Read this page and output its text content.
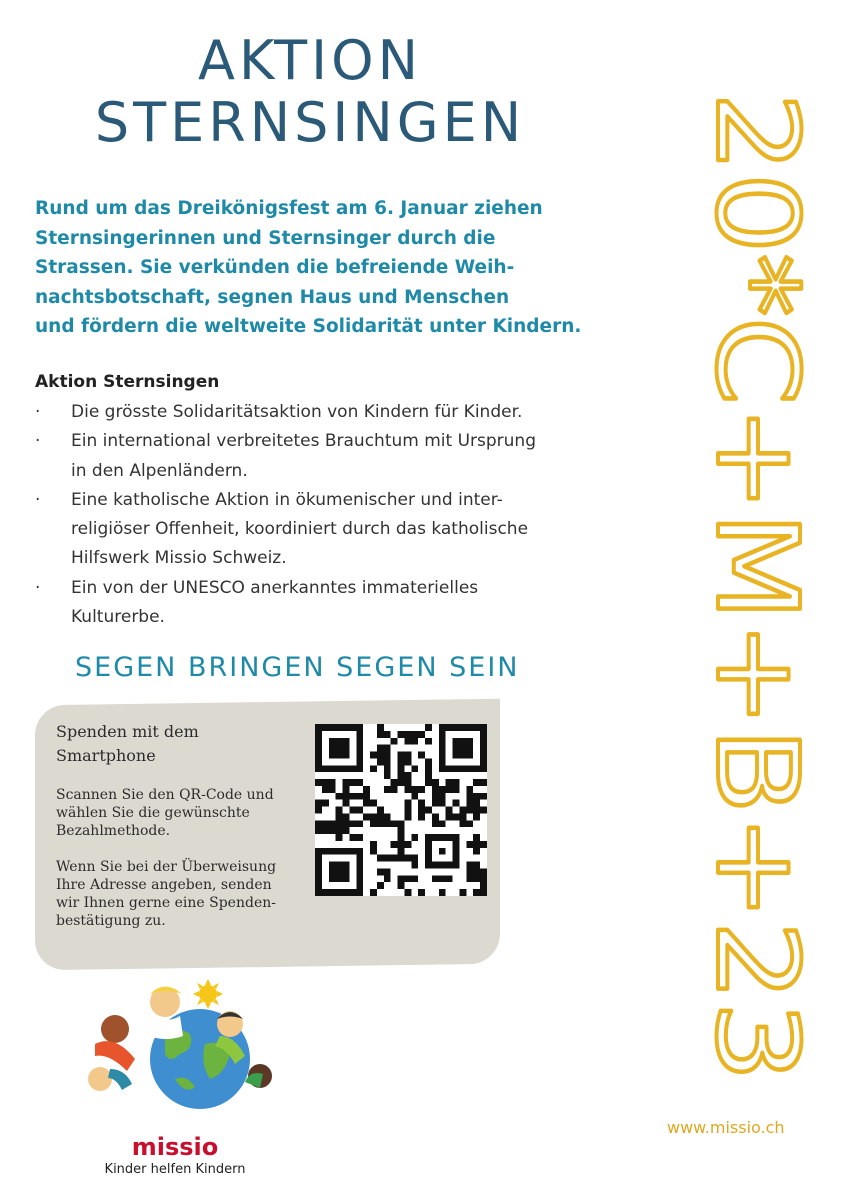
AKTION
STERNSINGEN
Rund um das Dreikönigsfest am 6. Januar ziehen
Sternsingerinnen und Sternsinger durch die
Strassen. Sie verkünden die befreiende Weih-
nachtsbotschaft, segnen Haus und Menschen
und fördern die weltweite Solidarität unter Kindern.
Aktion Sternsingen
· Die grösste Solidaritätsaktion von Kindern für Kinder.
· Ein international verbreitetes Brauchtum mit Ursprung
in den Alpenländern.
· Eine katholische Aktion in ökumenischer und inter-
religiöser Offenheit, koordiniert durch das katholische
Hilfswerk Missio Schweiz.
· Ein von der UNESCO anerkanntes immaterielles
Kulturerbe.
SEGEN BRINGEN SEGEN SEIN
Spenden mit dem
Smartphone
Scannen Sie den QR-Code und
wählen Sie die gewünschte
Bezahlmethode.
Wenn Sie bei der Überweisung
Ihre Adresse angeben, senden
wir Ihnen gerne eine Spenden-
bestätigung zu.	20*C+M+B+23
www.missio.ch
missio
Kinder helfen Kindern
